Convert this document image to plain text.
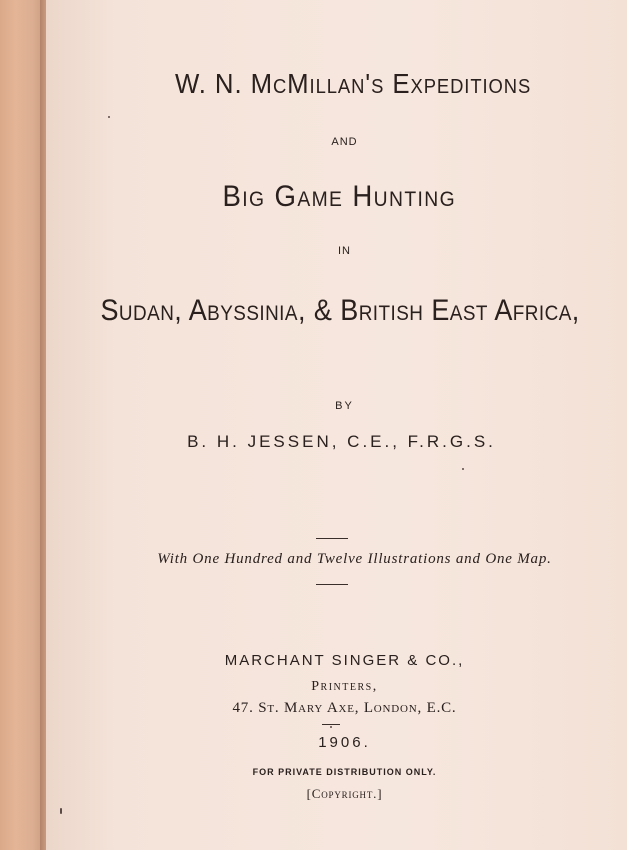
W. N. McMillan's Expeditions
AND
Big Game Hunting
IN
Sudan, Abyssinia, & British East Africa,
BY
B. H. JESSEN, C.E., F.R.G.S.
With One Hundred and Twelve Illustrations and One Map.
MARCHANT SINGER & CO.,
Printers,
47. St. Mary Axe, London, E.C.
1906.
FOR PRIVATE DISTRIBUTION ONLY.
[Copyright.]
